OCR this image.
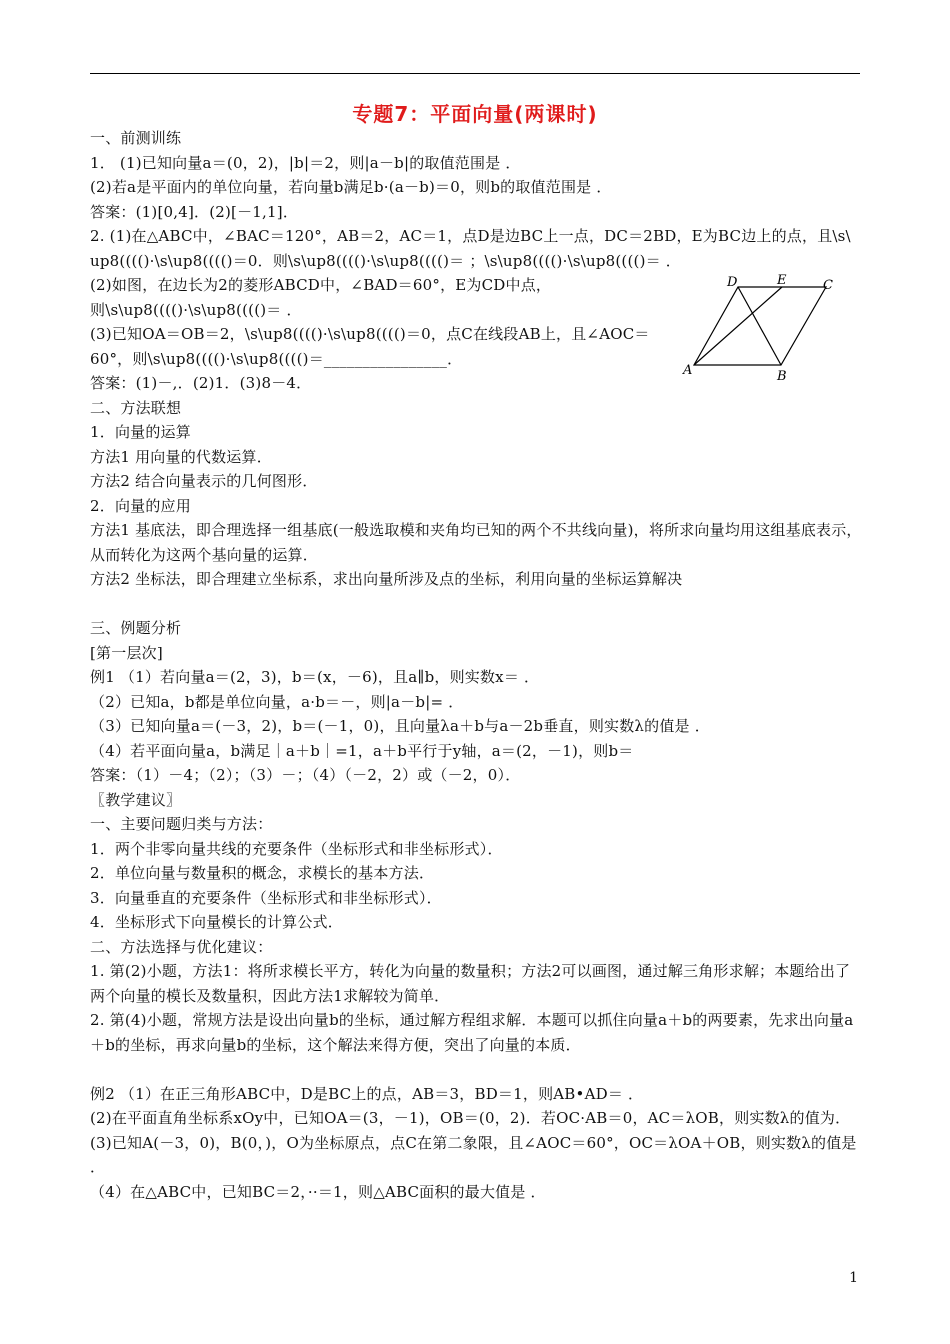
专题7：平面向量(两课时)
一、前测训练
1． (1)已知向量a＝(0，2)，|b|＝2，则|a－b|的取值范围是 ．
(2)若a是平面内的单位向量，若向量b满足b·(a－b)＝0，则b的取值范围是 ．
答案：(1)[0,4]．(2)[－1,1]．
2. (1)在△ABC中，∠BAC＝120°，AB＝2，AC＝1，点D是边BC上一点，DC＝2BD，E为BC边上的点，且\s\
up8(((()·\s\up8(((()＝0．则\s\up8(((()·\s\up8(((()＝ ；\s\up8(((()·\s\up8(((()＝ ．
(2)如图，在边长为2的菱形ABCD中，∠BAD＝60°，E为CD中点，
则\s\up8(((()·\s\up8(((()＝ ．
(3)已知OA＝OB＝2，\s\up8(((()·\s\up8(((()＝0，点C在线段AB上，且∠AOC＝
60°，则\s\up8(((()·\s\up8(((()＝________________．
答案：(1)－,．(2)1．(3)8－4．
二、方法联想
1．向量的运算
方法1 用向量的代数运算．
方法2 结合向量表示的几何图形．
2．向量的应用
方法1 基底法，即合理选择一组基底(一般选取模和夹角均已知的两个不共线向量)，将所求向量均用这组基底表示，从而转化为这两个基向量的运算．
方法2 坐标法，即合理建立坐标系，求出向量所涉及点的坐标，利用向量的坐标运算解决
三、例题分析
[第一层次]
例1 （1）若向量a＝(2，3)，b＝(x，－6)，且a∥b，则实数x＝ ．
（2）已知a，b都是单位向量，a·b＝－，则|a－b|= ．
（3）已知向量a＝(－3，2)，b＝(－1，0)，且向量λa＋b与a－2b垂直，则实数λ的值是 ．
（4）若平面向量a，b满足｜a＋b｜=1，a＋b平行于y轴，a＝(2，－1)，则b＝
答案：（1）－4；（2）；（3）－；（4）（－2，2）或（－2，0）．
〖教学建议〗
一、主要问题归类与方法：
1．两个非零向量共线的充要条件（坐标形式和非坐标形式）．
2．单位向量与数量积的概念，求模长的基本方法．
3．向量垂直的充要条件（坐标形式和非坐标形式）．
4．坐标形式下向量模长的计算公式．
二、方法选择与优化建议：
1. 第(2)小题，方法1：将所求模长平方，转化为向量的数量积；方法2可以画图，通过解三角形求解；本题给出了两个向量的模长及数量积，因此方法1求解较为简单．
2. 第(4)小题，常规方法是设出向量b的坐标，通过解方程组求解．本题可以抓住向量a＋b的两要素，先求出向量a＋b的坐标，再求向量b的坐标，这个解法来得方便，突出了向量的本质．
例2 （1）在正三角形ABC中，D是BC上的点，AB＝3，BD＝1，则AB•AD＝ ．
(2)在平面直角坐标系xOy中，已知OA＝(3，－1)，OB＝(0，2)．若OC·AB＝0，AC＝λOB，则实数λ的值为．
(3)已知A(－3，0)，B(0，)，O为坐标原点，点C在第二象限，且∠AOC＝60°，OC＝λOA＋OB，则实数λ的值是 ．
（4）在△ABC中，已知BC＝2，··＝1，则△ABC面积的最大值是 ．
D	E	C
A	B
1
